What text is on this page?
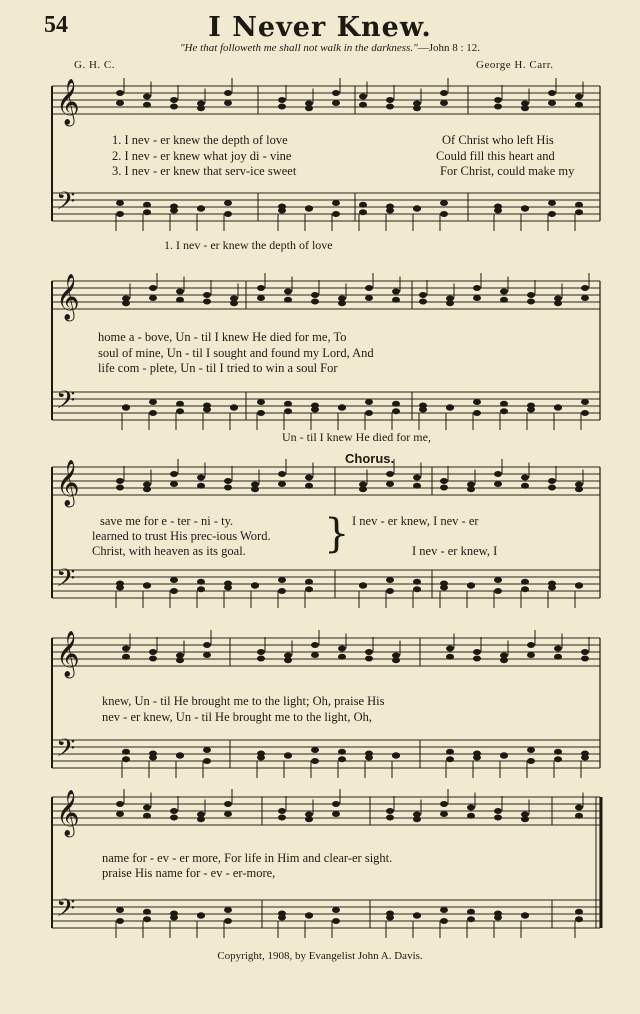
54	I Never Knew.
"He that followeth me shall not walk in the darkness."—John 8 : 12.
G. H. C.	George H. Carr.
𝄞
𝄢
𝄞
𝄢
𝄞
𝄢
𝄞
𝄢
𝄞
𝄢
1. I nev - er knew the depth of love
2. I nev - er knew what joy di - vine
3. I nev - er knew that serv-ice sweet
Of Christ who left His
Could fill this heart and
For Christ, could make my
1. I nev - er knew the depth of love
home a - bove, Un - til I knew He died for me, To
soul of mine, Un - til I sought and found my Lord, And
life com - plete, Un - til I tried to win a soul For
Un - til I knew He died for me,
Chorus.
save me for e - ter - ni - ty.
learned to trust His prec-ious Word.
Christ, with heaven as its goal. } I nev - er knew, I nev - er
I nev - er knew, I
knew, Un - til He brought me to the light; Oh, praise His
nev - er knew, Un - til He brought me to the light, Oh,
name for - ev - er more, For life in Him and clear-er sight.
praise His name for - ev - er-more,
Copyright, 1908, by Evangelist John A. Davis.
